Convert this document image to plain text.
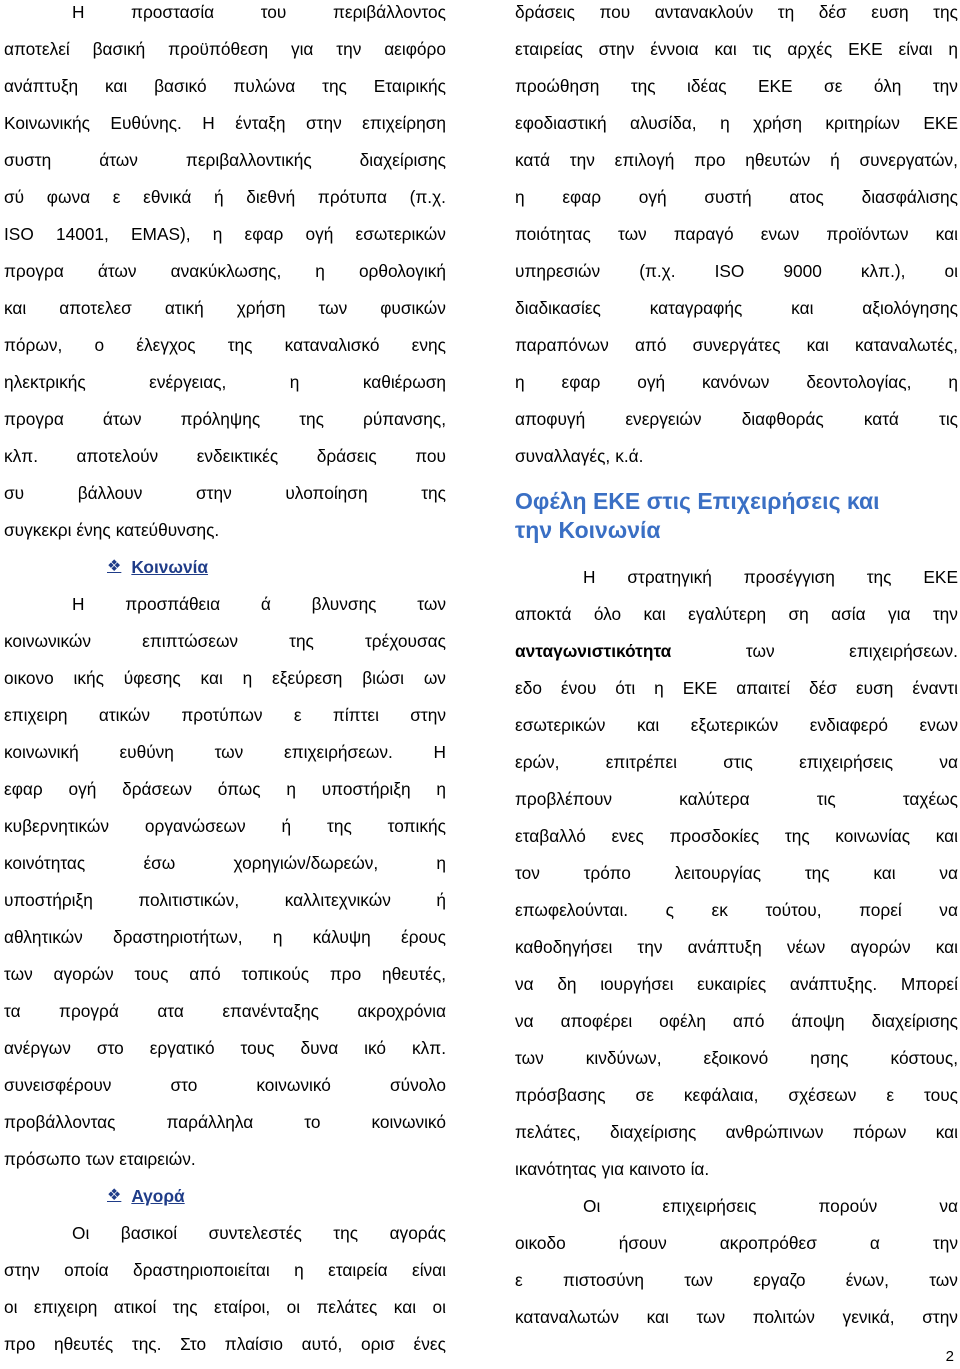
Η	προστασία	του	περιβάλλοντος
αποτελεί βασική προϋπόθεση για την αειφόρο
ανάπτυξη και βασικό πυλώνα της Εταιρικής
Κοινωνικής Ευθύνης. Η ένταξη στην επιχείρηση
συστη	άτων	περιβαλλοντικής	διαχείρισης
σύ φωνα ε εθνικά ή διεθνή πρότυπα (π.χ.
ISO 14001, EMAS), η εφαρ ογή εσωτερικών
προγρα άτων ανακύκλωσης, η ορθολογική
και αποτελεσ ατική χρήση των φυσικών
πόρων, ο έλεγχος της καταναλισκό ενης
ηλεκτρικής	ενέργειας,	η	καθιέρωση
προγρα άτων πρόληψης της ρύπανσης,
κλπ. αποτελούν ενδεικτικές δράσεις που
συ	βάλλουν	στην	υλοποίηση	της
συγκεκρι ένης κατεύθυνσης.
❖ Κοινωνία
Η προσπάθεια ά βλυνσης των
κοινωνικών	επιπτώσεων	της	τρέχουσας
οικονο ικής ύφεσης και η εξεύρεση βιώσι ων
επιχειρη ατικών προτύπων ε πίπτει στην
κοινωνική ευθύνη των επιχειρήσεων. Η
εφαρ ογή δράσεων όπως η υποστήριξη η
κυβερνητικών οργανώσεων ή της τοπικής
κοινότητας	έσω	χορηγιών/δωρεών,	η
υποστήριξη	πολιτιστικών,	καλλιτεχνικών	ή
αθλητικών δραστηριοτήτων, η κάλυψη έρους
των αγορών τους από τοπικούς προ ηθευτές,
τα προγρά ατα επανένταξης ακροχρόνια
ανέργων στο εργατικό τους δυνα ικό κλπ.
συνεισφέρουν	στο	κοινωνικό	σύνολο
προβάλλοντας	παράλληλα	το	κοινωνικό
πρόσωπο των εταιρειών.
❖ Αγορά
Οι βασικοί συντελεστές της αγοράς
στην οποία δραστηριοποιείται η εταιρεία είναι
οι επιχειρη ατικοί της εταίροι, οι πελάτες και οι
προ ηθευτές της. Στο πλαίσιο αυτό, ορισ ένες
δράσεις που αντανακλούν τη δέσ ευση της
εταιρείας στην έννοια και τις αρχές ΕΚΕ είναι η
προώθηση της ιδέας ΕΚΕ σε όλη την
εφοδιαστική αλυσίδα, η χρήση κριτηρίων ΕΚΕ
κατά την επιλογή προ ηθευτών ή συνεργατών,
η εφαρ ογή συστή ατος διασφάλισης
ποιότητας των παραγό ενων προϊόντων και
υπηρεσιών (π.χ. ISO 9000 κλπ.), οι
διαδικασίες	καταγραφής	και	αξιολόγησης
παραπόνων από συνεργάτες και καταναλωτές,
η εφαρ ογή κανόνων δεοντολογίας, η
αποφυγή ενεργειών διαφθοράς κατά τις
συναλλαγές, κ.ά.
Οφέλη ΕΚΕ στις Επιχειρήσεις και
την Κοινωνία
Η στρατηγική προσέγγιση της ΕΚΕ
αποκτά όλο και εγαλύτερη ση ασία για την
ανταγωνιστικότητα	των	επιχειρήσεων.
εδο ένου ότι η ΕΚΕ απαιτεί δέσ ευση έναντι
εσωτερικών και εξωτερικών ενδιαφερό ενων
ερών,	επιτρέπει	στις	επιχειρήσεις	να
προβλέπουν	καλύτερα	τις	ταχέως
εταβαλλό ενες προσδοκίες της κοινωνίας και
τον	τρόπο	λειτουργίας	της	και	να
επωφελούνται. ς εκ τούτου, πορεί να
καθοδηγήσει την ανάπτυξη νέων αγορών και
να δη ιουργήσει ευκαιρίες ανάπτυξης. Μπορεί
να αποφέρει οφέλη από άποψη διαχείρισης
των κινδύνων, εξοικονό ησης κόστους,
πρόσβασης σε κεφάλαια, σχέσεων ε τους
πελάτες, διαχείρισης ανθρώπινων πόρων και
ικανότητας για καινοτο ία.
Οι	επιχειρήσεις	πορούν	να
οικοδο	ήσουν	ακροπρόθεσ	α	την
ε πιστοσύνη των εργαζο ένων, των
καταναλωτών και των πολιτών γενικά, στην
2
